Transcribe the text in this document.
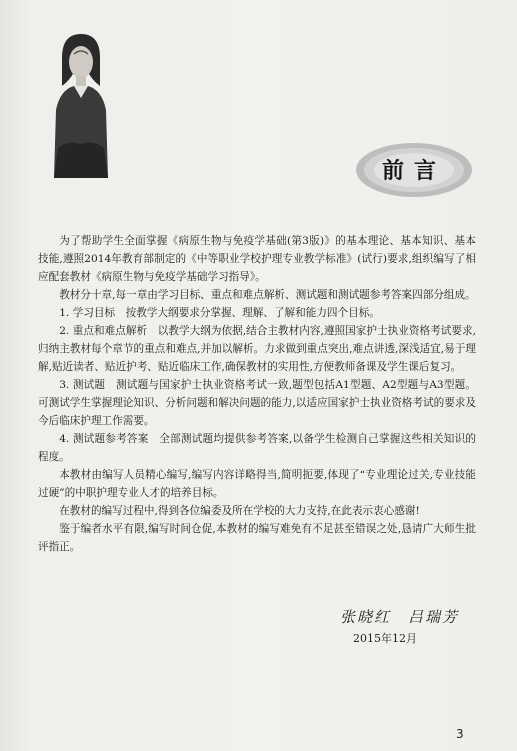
前言

为了帮助学生全面掌握《病原生物与免疫学基础(第3版)》的基本理论、基本知识、基本技能,遵照2014年教育部制定的《中等职业学校护理专业教学标准》(试行)要求,组织编写了相应配套教材《病原生物与免疫学基础学习指导》。

教材分十章,每一章由学习目标、重点和难点解析、测试题和测试题参考答案四部分组成。

1. 学习目标　按教学大纲要求分掌握、理解、了解和能力四个目标。

2. 重点和难点解析　以教学大纲为依据,结合主教材内容,遵照国家护士执业资格考试要求,归纳主教材每个章节的重点和难点,并加以解析。力求做到重点突出,难点讲透,深浅适宜,易于理解,贴近读者、贴近护考、贴近临床工作,确保教材的实用性,方便教师备课及学生课后复习。

3. 测试题　测试题与国家护士执业资格考试一致,题型包括A1型题、A2型题与A3型题。可测试学生掌握理论知识、分析问题和解决问题的能力,以适应国家护士执业资格考试的要求及今后临床护理工作需要。

4. 测试题参考答案　全部测试题均提供参考答案,以备学生检测自己掌握这些相关知识的程度。

本教材由编写人员精心编写,编写内容详略得当,简明扼要,体现了“专业理论过关,专业技能过硬”的中职护理专业人才的培养目标。

在教材的编写过程中,得到各位编委及所在学校的大力支持,在此表示衷心感谢!

鉴于编者水平有限,编写时间仓促,本教材的编写难免有不足甚至错误之处,恳请广大师生批评指正。

张晓红　吕瑞芳
2015年12月
3
